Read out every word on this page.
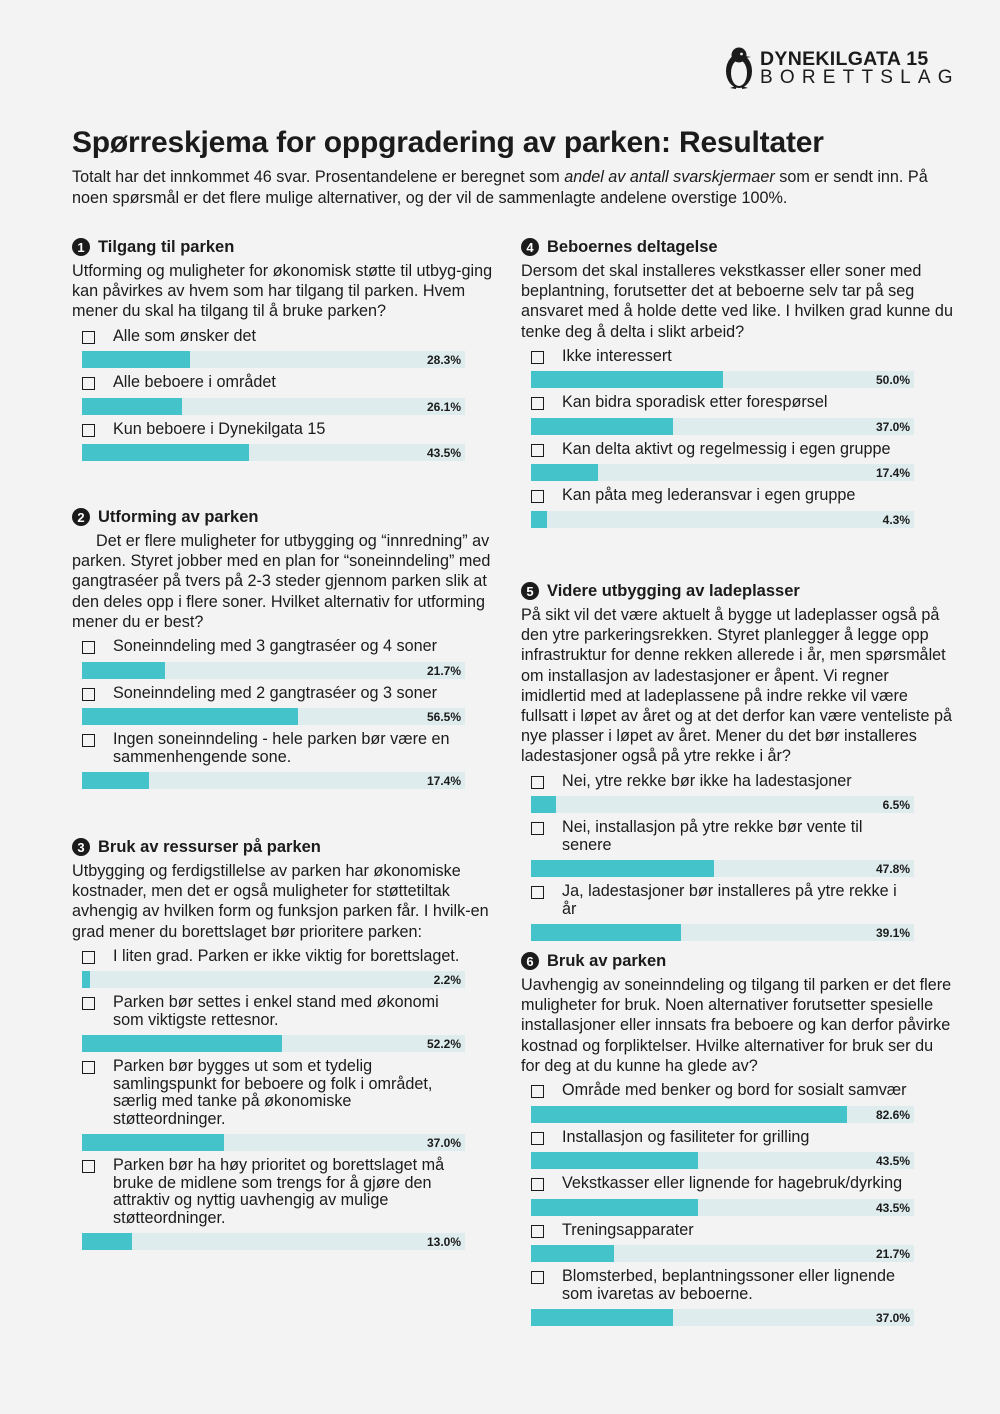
DYNEKILGATA 15
BORETTSLAG
Spørreskjema for oppgradering av parken: Resultater

Totalt har det innkommet 46 svar. Prosentandelene er beregnet som andel av antall svarskjermaer som er sendt inn. På noen spørsmål er det flere mulige alternativer, og der vil de sammenlagte andelene overstige 100%.

1 Tilgang til parken

Utforming og muligheter for økonomisk støtte til utbyg-ging kan påvirkes av hvem som har tilgang til parken. Hvem mener du skal ha tilgang til å bruke parken?

Alle som ønsker det
28.3%
Alle beboere i området
26.1%
Kun beboere i Dynekilgata 15
43.5%
2 Utforming av parken

Det er flere muligheter for utbygging og “innredning” av parken. Styret jobber med en plan for “soneinndeling” med gangtraséer på tvers på 2-3 steder gjennom parken slik at den deles opp i flere soner. Hvilket alternativ for utforming mener du er best?

Soneinndeling med 3 gangtraséer og 4 soner
21.7%
Soneinndeling med 2 gangtraséer og 3 soner
56.5%
Ingen soneinndeling - hele parken bør være en sammenhengende sone.
17.4%
3 Bruk av ressurser på parken

Utbygging og ferdigstillelse av parken har økonomiske kostnader, men det er også muligheter for støttetiltak avhengig av hvilken form og funksjon parken får. I hvilk-en grad mener du borettslaget bør prioritere parken:

I liten grad. Parken er ikke viktig for borettslaget.
2.2%
Parken bør settes i enkel stand med økonomi som viktigste rettesnor.
52.2%
Parken bør bygges ut som et tydelig samlingspunkt for beboere og folk i området, særlig med tanke på økonomiske støtteordninger.
37.0%
Parken bør ha høy prioritet og borettslaget må bruke de midlene som trengs for å gjøre den attraktiv og nyttig uavhengig av mulige støtteordninger.
13.0%
4 Beboernes deltagelse

Dersom det skal installeres vekstkasser eller soner med beplantning, forutsetter det at beboerne selv tar på seg ansvaret med å holde dette ved like. I hvilken grad kunne du tenke deg å delta i slikt arbeid?

Ikke interessert
50.0%
Kan bidra sporadisk etter forespørsel
37.0%
Kan delta aktivt og regelmessig i egen gruppe
17.4%
Kan påta meg lederansvar i egen gruppe
4.3%
5 Videre utbygging av ladeplasser

På sikt vil det være aktuelt å bygge ut ladeplasser også på den ytre parkeringsrekken. Styret planlegger å legge opp infrastruktur for denne rekken allerede i år, men spørsmålet om installasjon av ladestasjoner er åpent. Vi regner imidlertid med at ladeplassene på indre rekke vil være fullsatt i løpet av året og at det derfor kan være venteliste på nye plasser i løpet av året. Mener du det bør installeres ladestasjoner også på ytre rekke i år?

Nei, ytre rekke bør ikke ha ladestasjoner
6.5%
Nei, installasjon på ytre rekke bør vente til senere
47.8%
Ja, ladestasjoner bør installeres på ytre rekke i år
39.1%
6 Bruk av parken

Uavhengig av soneinndeling og tilgang til parken er det flere muligheter for bruk. Noen alternativer forutsetter spesielle installasjoner eller innsats fra beboere og kan derfor påvirke kostnad og forpliktelser. Hvilke alternativer for bruk ser du for deg at du kunne ha glede av?

Område med benker og bord for sosialt samvær
82.6%
Installasjon og fasiliteter for grilling
43.5%
Vekstkasser eller lignende for hagebruk/dyrking
43.5%
Treningsapparater
21.7%
Blomsterbed, beplantningssoner eller lignende som ivaretas av beboerne.
37.0%
